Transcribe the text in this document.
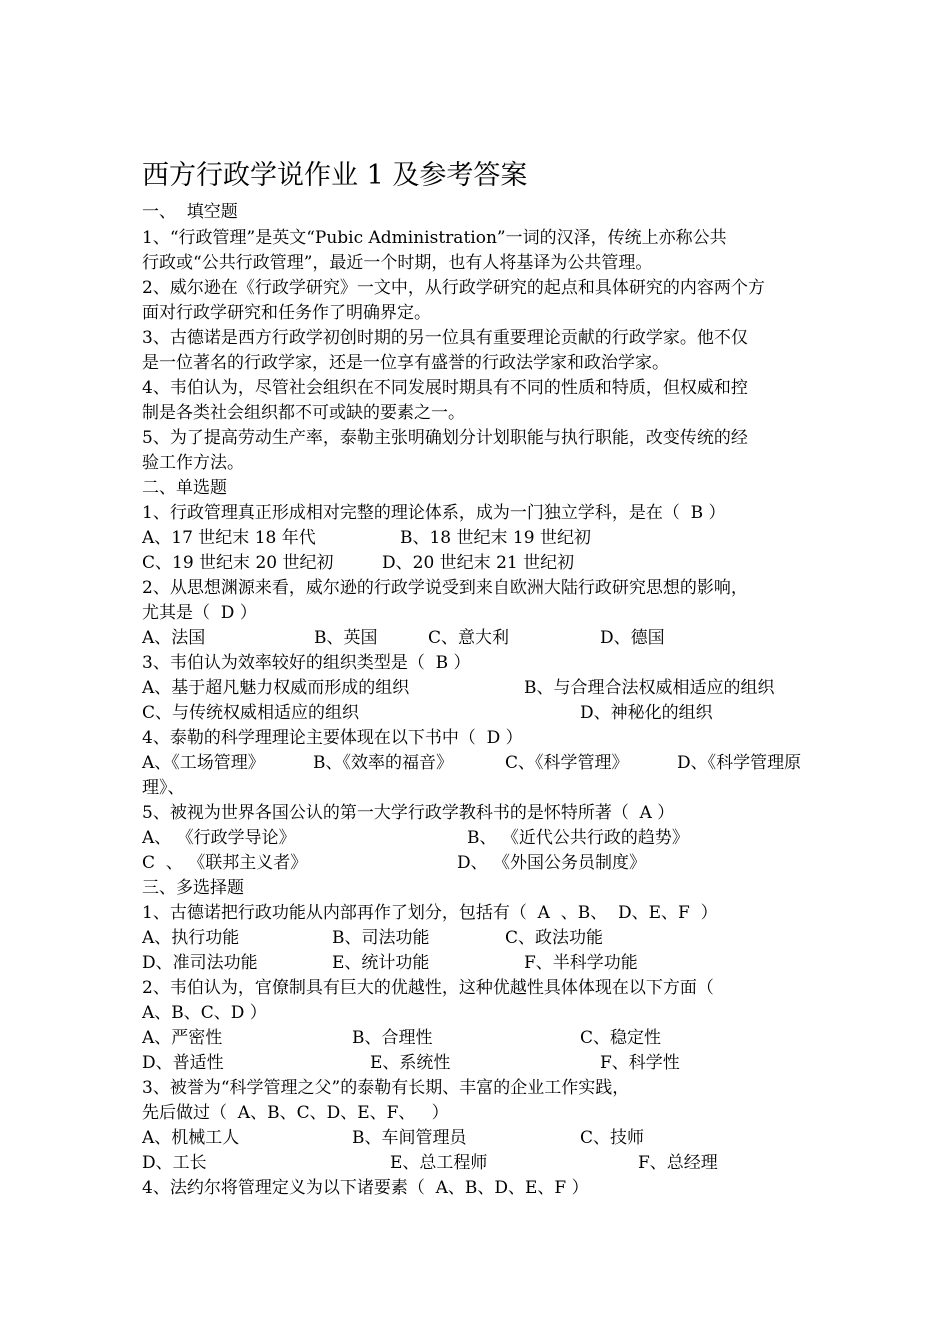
西方行政学说作业 1 及参考答案
一、  填空题
1、“行政管理”是英文“Pubic Administration”一词的汉泽，传统上亦称公共
行政或“公共行政管理”，最近一个时期，也有人将基译为公共管理。
2、威尔逊在《行政学研究》一文中，从行政学研究的起点和具体研究的内容两个方
面对行政学研究和任务作了明确界定。
3、古德诺是西方行政学初创时期的另一位具有重要理论贡献的行政学家。他不仅
是一位著名的行政学家，还是一位享有盛誉的行政法学家和政治学家。
4、韦伯认为，尽管社会组织在不同发展时期具有不同的性质和特质，但权威和控
制是各类社会组织都不可或缺的要素之一。
5、为了提高劳动生产率，泰勒主张明确划分计划职能与执行职能，改变传统的经
验工作方法。
二、单选题
1、行政管理真正形成相对完整的理论体系，成为一门独立学科，是在（  B ）
A、17 世纪末 18 年代	B、18 世纪末 19 世纪初
C、19 世纪末 20 世纪初	D、20 世纪末 21 世纪初
2、从思想渊源来看，威尔逊的行政学说受到来自欧洲大陆行政研究思想的影响，
尤其是（  D ）
A、法国	B、英国	C、意大利	D、德国
3、韦伯认为效率较好的组织类型是（  B ）
A、基于超凡魅力权威而形成的组织	B、与合理合法权威相适应的组织
C、与传统权威相适应的组织	D、神秘化的组织
4、泰勒的科学理理论主要体现在以下书中（  D ）
A、《工场管理》	B、《效率的福音》	C、《科学管理》	D、《科学管理原
理》、
5、被视为世界各国公认的第一大学行政学教科书的是怀特所著（  A ）
A、 《行政学导论》	B、 《近代公共行政的趋势》
C  、 《联邦主义者》	D、 《外国公务员制度》
三、多选择题
1、古德诺把行政功能从内部再作了划分，包括有（  A  、B、  D、E、F  ）
A、执行功能	B、司法功能	C、政法功能
D、准司法功能	E、统计功能	F、半科学功能
2、韦伯认为，官僚制具有巨大的优越性，这种优越性具体体现在以下方面（
A、B、C、D ）
A、严密性	B、合理性	C、稳定性
D、普适性	E、系统性	F、科学性
3、被誉为“科学管理之父”的泰勒有长期、丰富的企业工作实践，
先后做过（  A、B、C、D、E、F、   ）
A、机械工人	B、车间管理员	C、技师
D、工长	E、总工程师	F、总经理
4、法约尔将管理定义为以下诸要素（  A、B、D、E、F ）
